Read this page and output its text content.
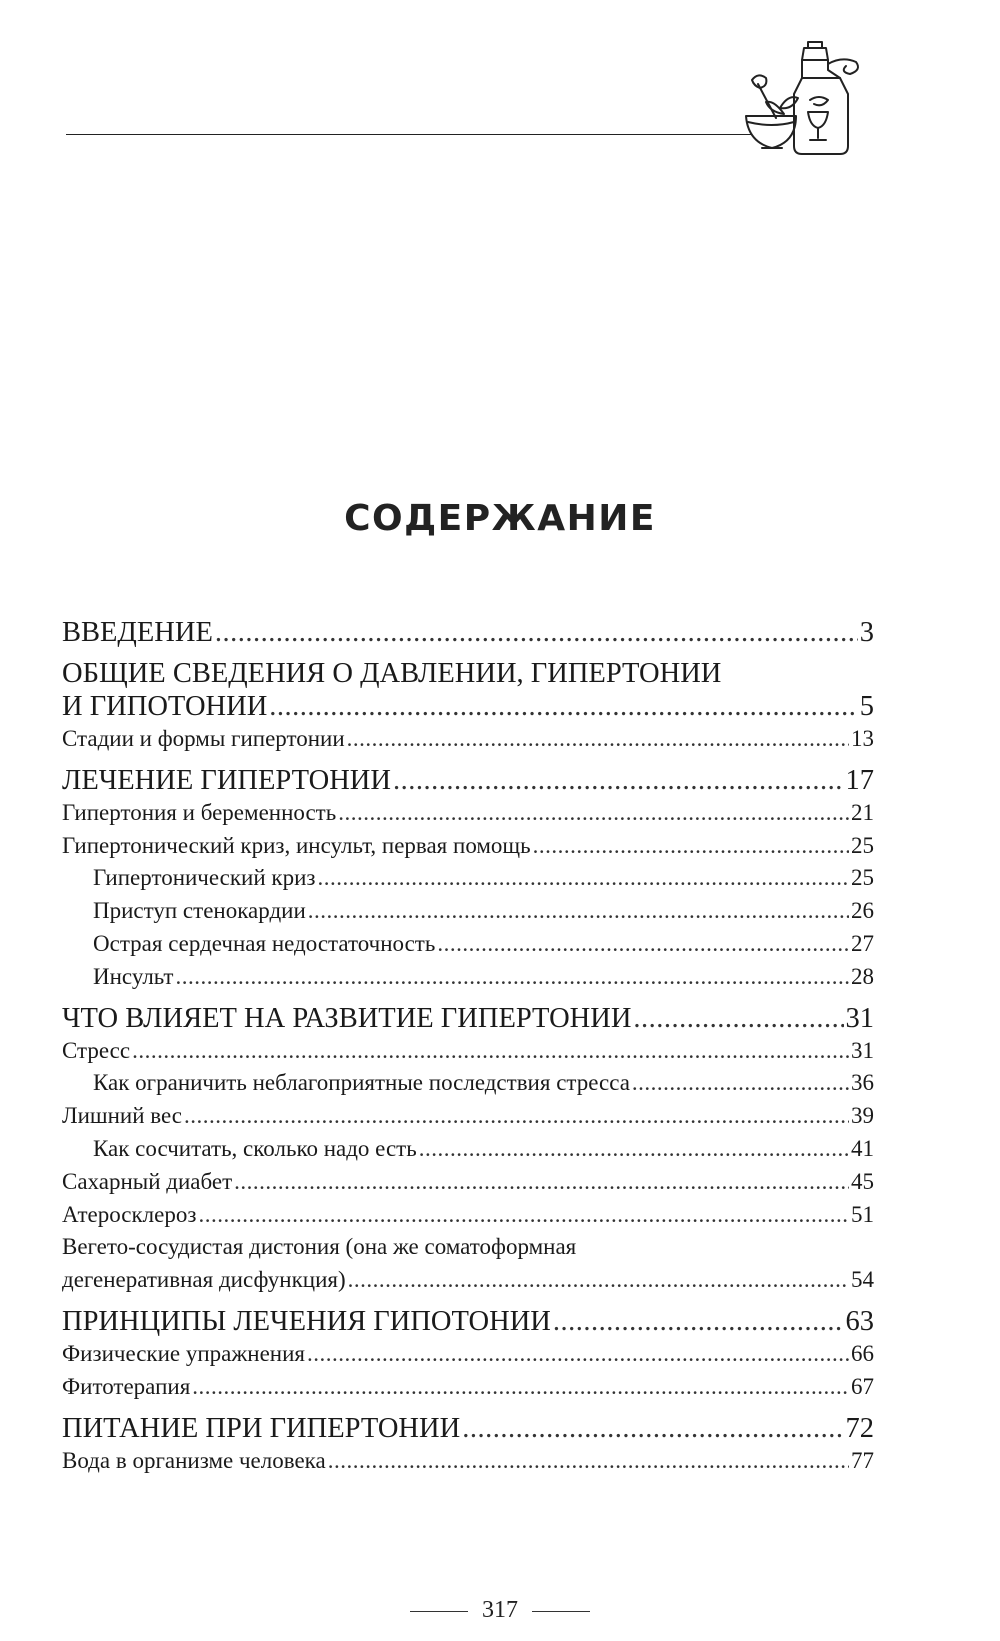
СОДЕРЖАНИЕ
ВВЕДЕНИЕ .....	3
ОБЩИЕ СВЕДЕНИЯ О ДАВЛЕНИИ, ГИПЕРТОНИИ
И ГИПОТОНИИ .....	5
Стадии и формы гипертонии .....	13
ЛЕЧЕНИЕ ГИПЕРТОНИИ .....	17
Гипертония и беременность .....	21
Гипертонический криз, инсульт, первая помощь .....	25
Гипертонический криз .....	25
Приступ стенокардии .....	26
Острая сердечная недостаточность .....	27
Инсульт .....	28
ЧТО ВЛИЯЕТ НА РАЗВИТИЕ ГИПЕРТОНИИ .....	31
Стресс .....	31
Как ограничить неблагоприятные последствия стресса .....	36
Лишний вес .....	39
Как сосчитать, сколько надо есть .....	41
Сахарный диабет .....	45
Атеросклероз .....	51
Вегето-сосудистая дистония (она же соматоформная
дегенеративная дисфункция) .....	54
ПРИНЦИПЫ ЛЕЧЕНИЯ ГИПОТОНИИ .....	63
Физические упражнения .....	66
Фитотерапия .....	67
ПИТАНИЕ ПРИ ГИПЕРТОНИИ .....	72
Вода в организме человека .....	77
317
